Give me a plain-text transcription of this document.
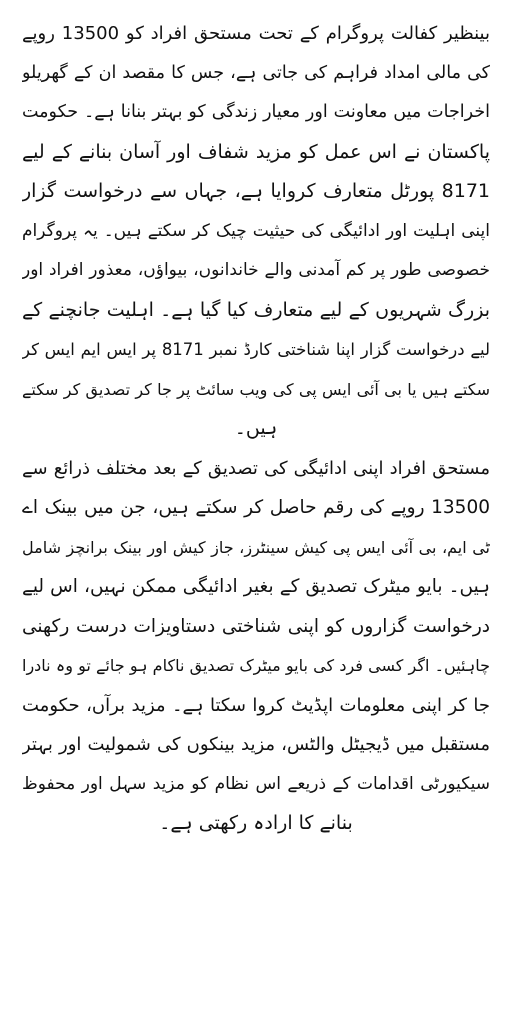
بینظیر کفالت پروگرام کے تحت مستحق افراد کو 13500 روپے
کی مالی امداد فراہم کی جاتی ہے، جس کا مقصد ان کے گھریلو
اخراجات میں معاونت اور معیار زندگی کو بہتر بنانا ہے۔ حکومت
پاکستان نے اس عمل کو مزید شفاف اور آسان بنانے کے لیے
8171 پورٹل متعارف کروایا ہے، جہاں سے درخواست گزار
اپنی اہلیت اور ادائیگی کی حیثیت چیک کر سکتے ہیں۔ یہ پروگرام
خصوصی طور پر کم آمدنی والے خاندانوں، بیواؤں، معذور افراد اور
بزرگ شہریوں کے لیے متعارف کیا گیا ہے۔ اہلیت جانچنے کے
لیے درخواست گزار اپنا شناختی کارڈ نمبر 8171 پر ایس ایم ایس کر
سکتے ہیں یا بی آئی ایس پی کی ویب سائٹ پر جا کر تصدیق کر سکتے
ہیں۔
مستحق افراد اپنی ادائیگی کی تصدیق کے بعد مختلف ذرائع سے
13500 روپے کی رقم حاصل کر سکتے ہیں، جن میں بینک اے
ٹی ایم، بی آئی ایس پی کیش سینٹرز، جاز کیش اور بینک برانچز شامل
ہیں۔ بایو میٹرک تصدیق کے بغیر ادائیگی ممکن نہیں، اس لیے
درخواست گزاروں کو اپنی شناختی دستاویزات درست رکھنی
چاہئیں۔ اگر کسی فرد کی بایو میٹرک تصدیق ناکام ہو جائے تو وہ نادرا
جا کر اپنی معلومات اپڈیٹ کروا سکتا ہے۔ مزید برآں، حکومت
مستقبل میں ڈیجیٹل والٹس، مزید بینکوں کی شمولیت اور بہتر
سیکیورٹی اقدامات کے ذریعے اس نظام کو مزید سہل اور محفوظ
بنانے کا ارادہ رکھتی ہے۔
